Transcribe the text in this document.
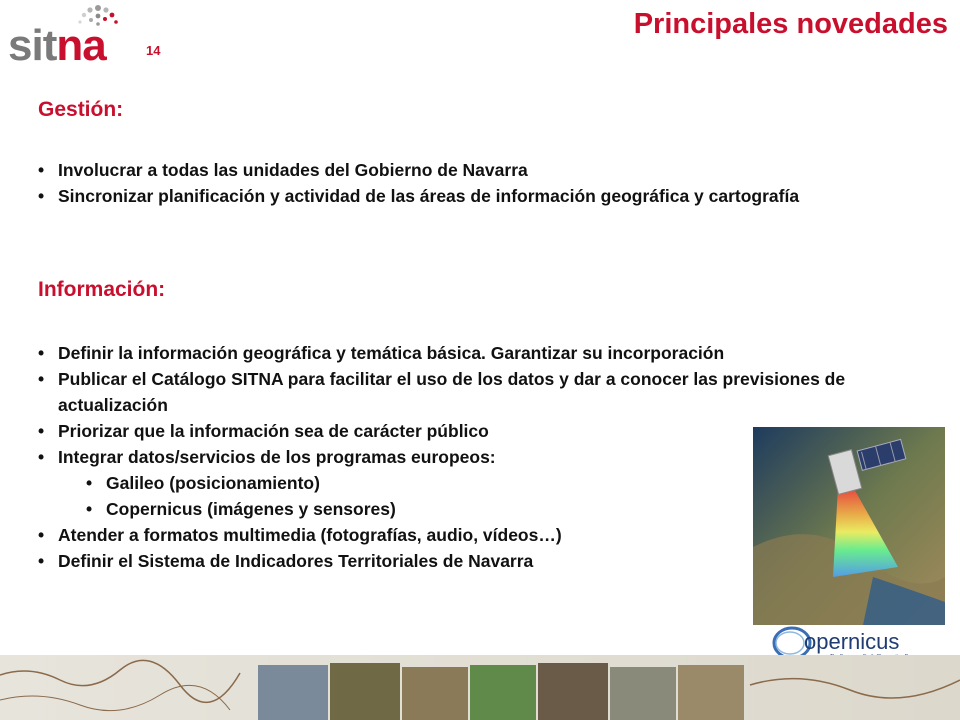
sitna	14
Principales novedades
Gestión:
• Involucrar a todas las unidades del Gobierno de Navarra
• Sincronizar planificación y actividad de las áreas de información geográfica y cartografía
Información:
• Definir la información geográfica y temática básica. Garantizar su incorporación
• Publicar el Catálogo SITNA para facilitar el uso de los datos y dar a conocer las previsiones de actualización
• Priorizar que la información sea de carácter público
• Integrar datos/servicios de los programas europeos:
• Galileo (posicionamiento)
• Copernicus (imágenes y sensores)
• Atender a formatos multimedia (fotografías, audio, vídeos…)
• Definir el Sistema de Indicadores Territoriales de Navarra
opernicus
